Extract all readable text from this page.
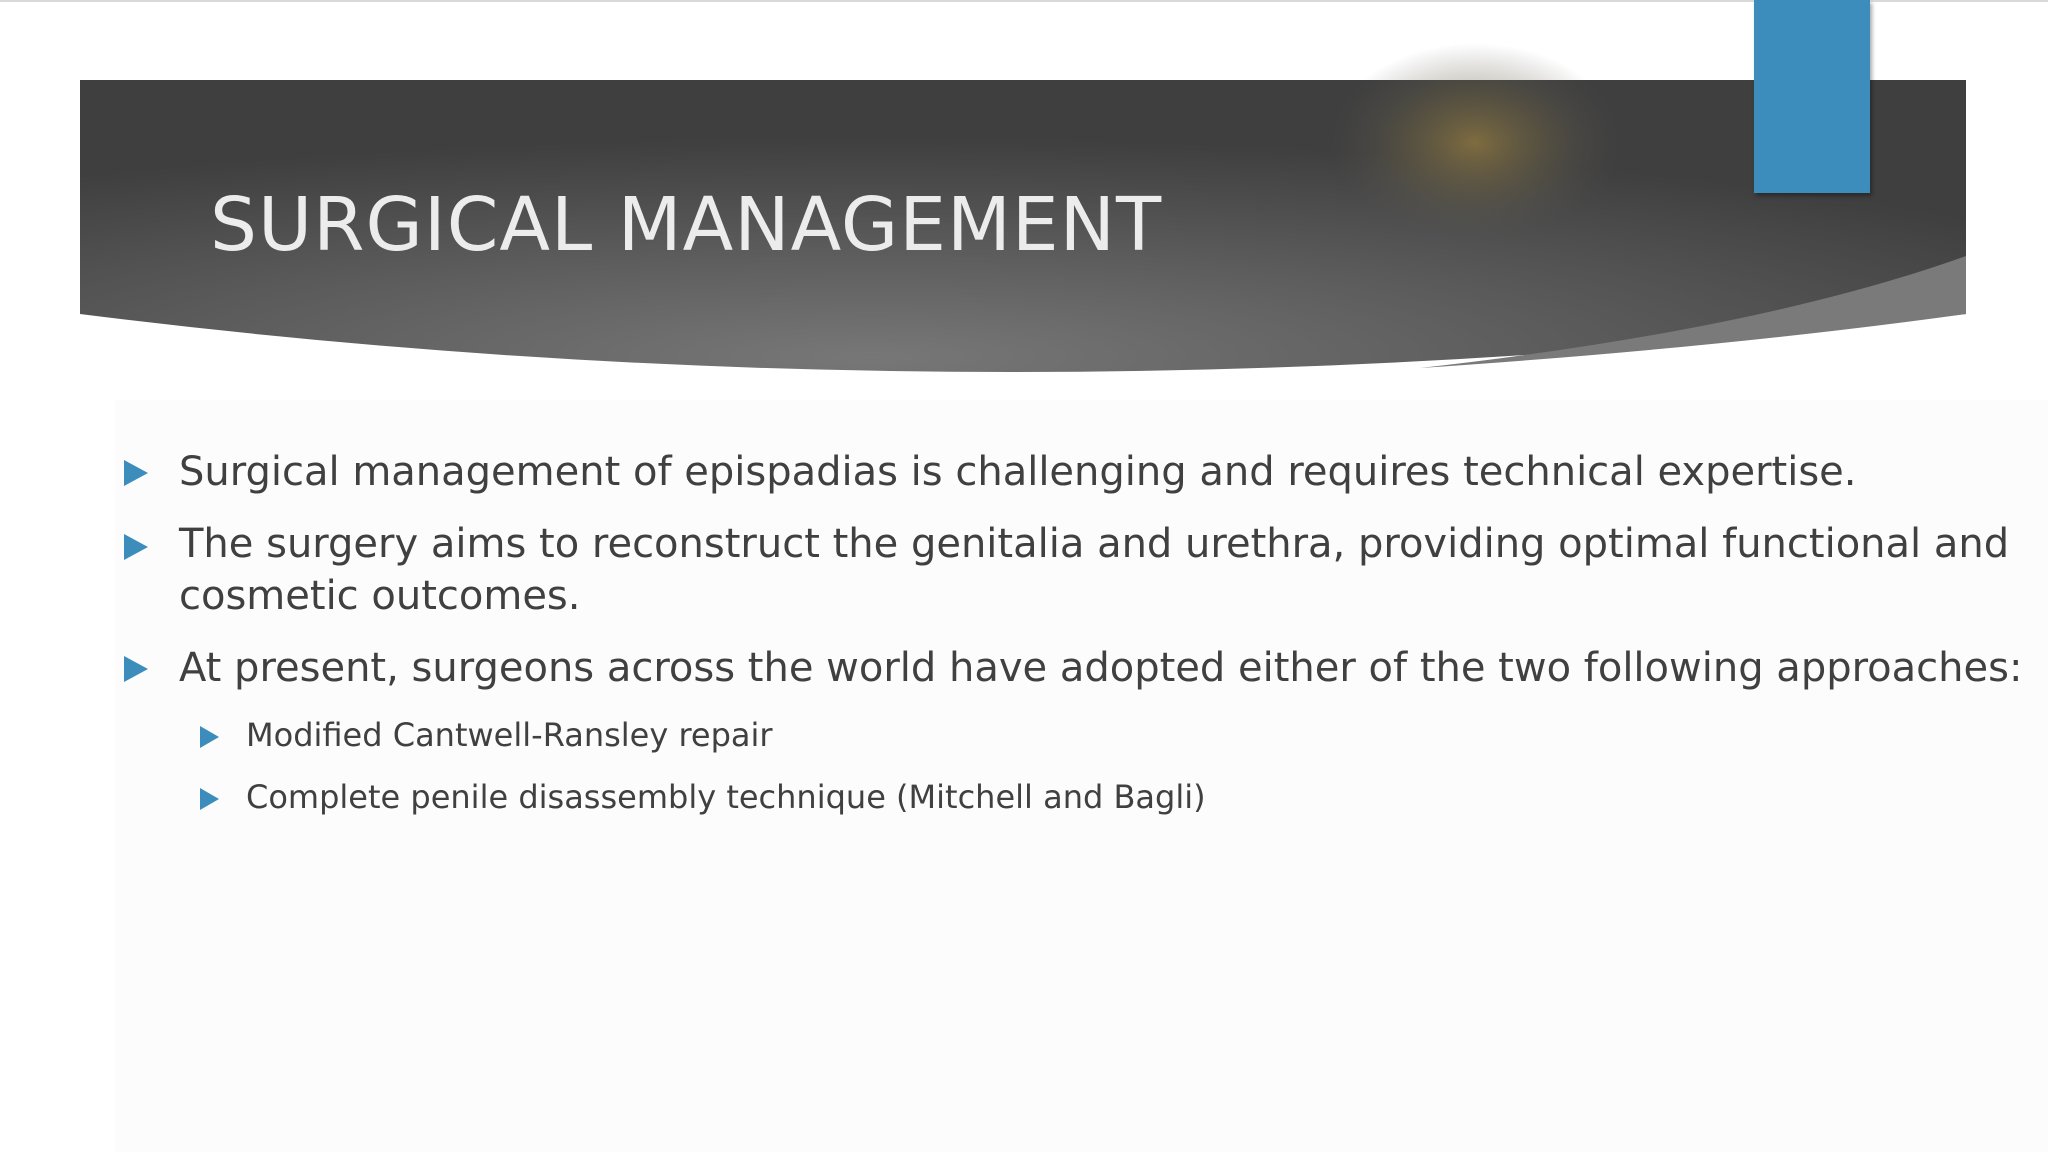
SURGICAL MANAGEMENT
Surgical management of epispadias is challenging and requires technical expertise.
The surgery aims to reconstruct the genitalia and urethra, providing optimal functional and
cosmetic outcomes.
At present, surgeons across the world have adopted either of the two following approaches:
Modified Cantwell-Ransley repair
Complete penile disassembly technique (Mitchell and Bagli)
